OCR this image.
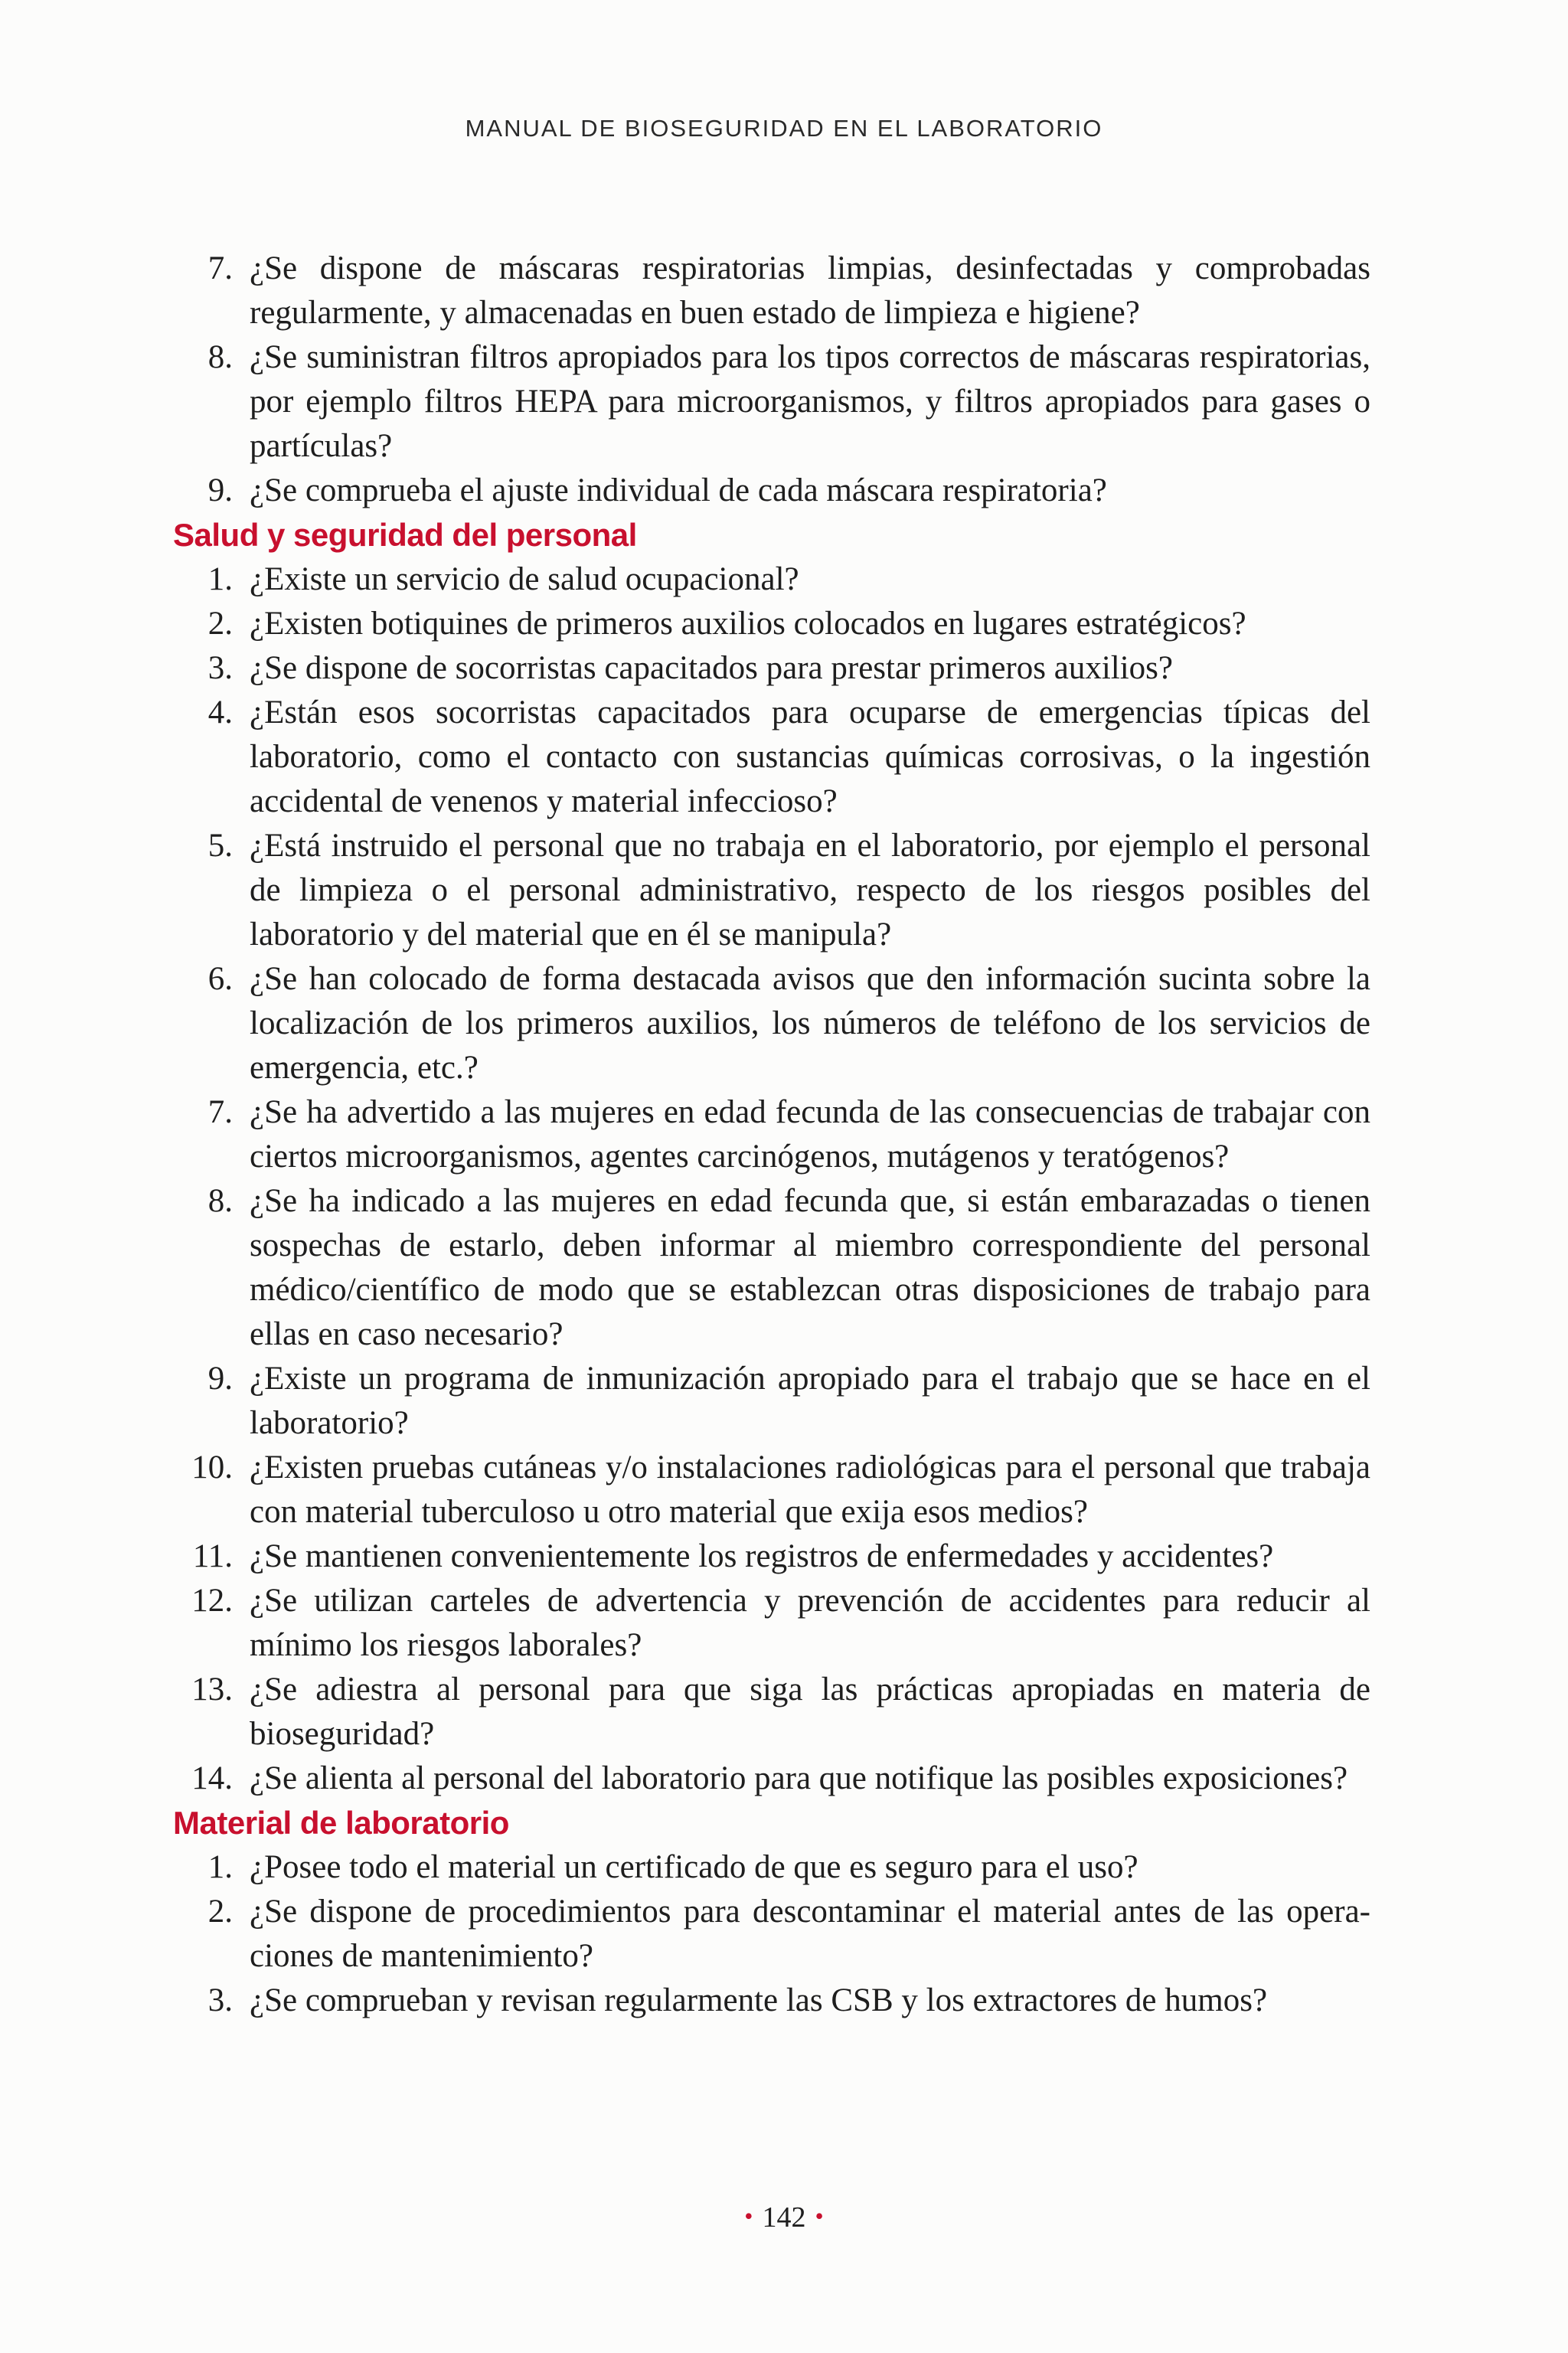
MANUAL DE BIOSEGURIDAD EN EL LABORATORIO
7. ¿Se dispone de máscaras respiratorias limpias, desinfectadas y comprobadas regularmente, y almacenadas en buen estado de limpieza e higiene?
8. ¿Se suministran filtros apropiados para los tipos correctos de máscaras respiratorias, por ejemplo filtros HEPA para microorganismos, y filtros apropiados para gases o partículas?
9. ¿Se comprueba el ajuste individual de cada máscara respiratoria?
Salud y seguridad del personal
1. ¿Existe un servicio de salud ocupacional?
2. ¿Existen botiquines de primeros auxilios colocados en lugares estratégicos?
3. ¿Se dispone de socorristas capacitados para prestar primeros auxilios?
4. ¿Están esos socorristas capacitados para ocuparse de emergencias típicas del laboratorio, como el contacto con sustancias químicas corrosivas, o la ingestión accidental de venenos y material infeccioso?
5. ¿Está instruido el personal que no trabaja en el laboratorio, por ejemplo el personal de limpieza o el personal administrativo, respecto de los riesgos posibles del laboratorio y del material que en él se manipula?
6. ¿Se han colocado de forma destacada avisos que den información sucinta sobre la localización de los primeros auxilios, los números de teléfono de los servicios de emergencia, etc.?
7. ¿Se ha advertido a las mujeres en edad fecunda de las consecuencias de trabajar con ciertos microorganismos, agentes carcinógenos, mutágenos y teratógenos?
8. ¿Se ha indicado a las mujeres en edad fecunda que, si están embarazadas o tienen sospechas de estarlo, deben informar al miembro correspondiente del personal médico/científico de modo que se establezcan otras disposiciones de trabajo para ellas en caso necesario?
9. ¿Existe un programa de inmunización apropiado para el trabajo que se hace en el laboratorio?
10. ¿Existen pruebas cutáneas y/o instalaciones radiológicas para el personal que trabaja con material tuberculoso u otro material que exija esos medios?
11. ¿Se mantienen convenientemente los registros de enfermedades y accidentes?
12. ¿Se utilizan carteles de advertencia y prevención de accidentes para reducir al mínimo los riesgos laborales?
13. ¿Se adiestra al personal para que siga las prácticas apropiadas en materia de bioseguridad?
14. ¿Se alienta al personal del laboratorio para que notifique las posibles exposiciones?
Material de laboratorio
1. ¿Posee todo el material un certificado de que es seguro para el uso?
2. ¿Se dispone de procedimientos para descontaminar el material antes de las operaciones de mantenimiento?
3. ¿Se comprueban y revisan regularmente las CSB y los extractores de humos?
• 142 •
